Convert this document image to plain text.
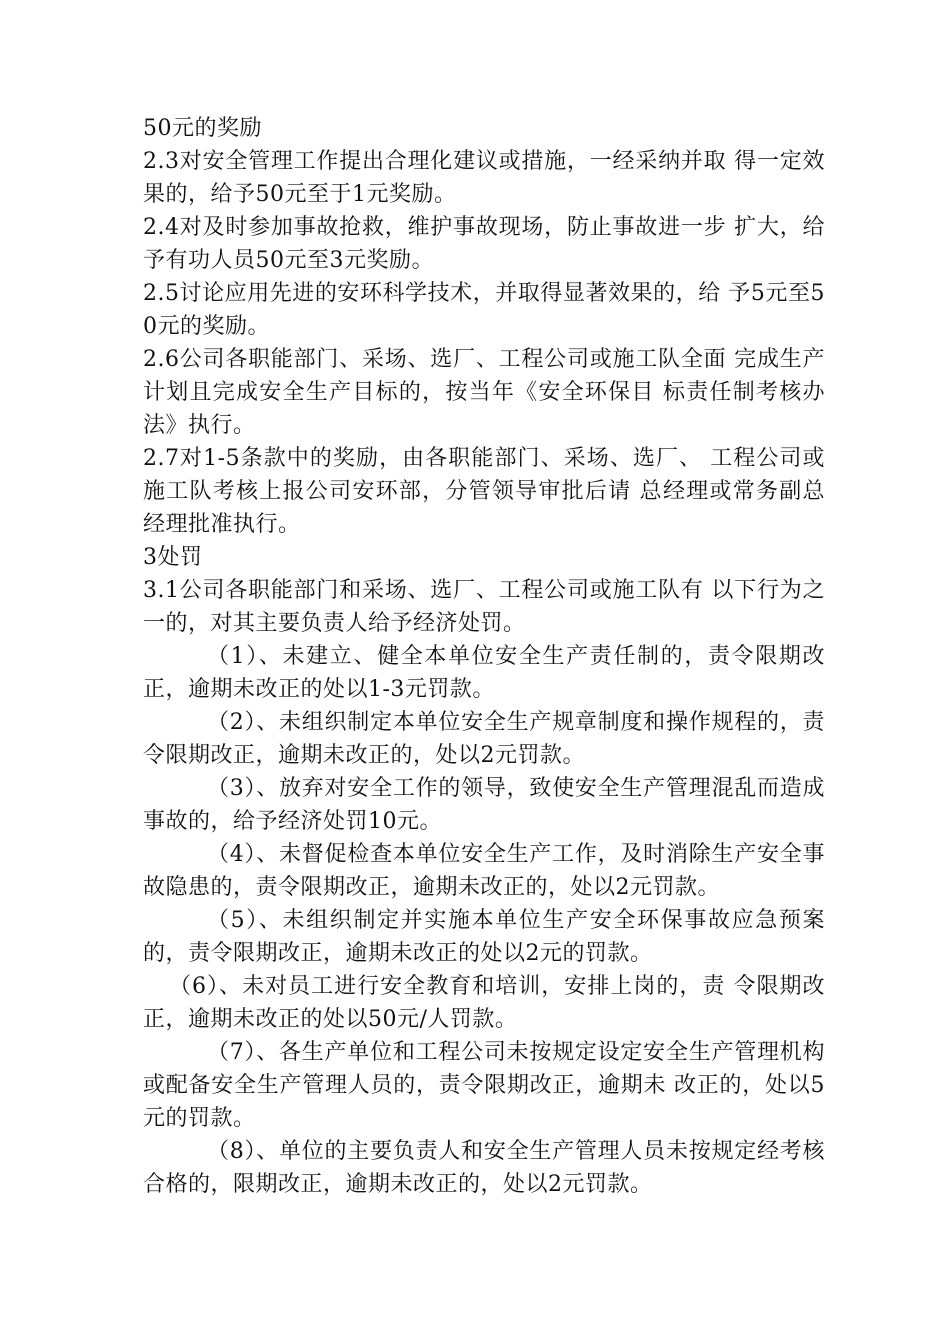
50元的奖励

2.3对安全管理工作提出合理化建议或措施，一经采纳并取 得一定效果的，给予50元至于1元奖励。

2.4对及时参加事故抢救，维护事故现场，防止事故进一步 扩大，给予有功人员50元至3元奖励。

2.5讨论应用先进的安环科学技术，并取得显著效果的，给 予5元至50元的奖励。

2.6公司各职能部门、采场、选厂、工程公司或施工队全面 完成生产计划且完成安全生产目标的，按当年《安全环保目 标责任制考核办法》执行。

2.7对1-5条款中的奖励，由各职能部门、采场、选厂、 工程公司或施工队考核上报公司安环部，分管领导审批后请 总经理或常务副总经理批准执行。

3处罚

3.1公司各职能部门和采场、选厂、工程公司或施工队有 以下行为之一的，对其主要负责人给予经济处罚。

（1）、未建立、健全本单位安全生产责任制的，责令限期改正，逾期未改正的处以1-3元罚款。

（2）、未组织制定本单位安全生产规章制度和操作规程的，责令限期改正，逾期未改正的，处以2元罚款。

（3）、放弃对安全工作的领导，致使安全生产管理混乱而造成事故的，给予经济处罚10元。

（4）、未督促检查本单位安全生产工作，及时消除生产安全事故隐患的，责令限期改正，逾期未改正的，处以2元罚款。

（5）、未组织制定并实施本单位生产安全环保事故应急预案的，责令限期改正，逾期未改正的处以2元的罚款。

（6）、未对员工进行安全教育和培训，安排上岗的，责 令限期改正，逾期未改正的处以50元/人罚款。

（7）、各生产单位和工程公司未按规定设定安全生产管理机构或配备安全生产管理人员的，责令限期改正，逾期未 改正的，处以5元的罚款。

（8）、单位的主要负责人和安全生产管理人员未按规定经考核合格的，限期改正，逾期未改正的，处以2元罚款。
